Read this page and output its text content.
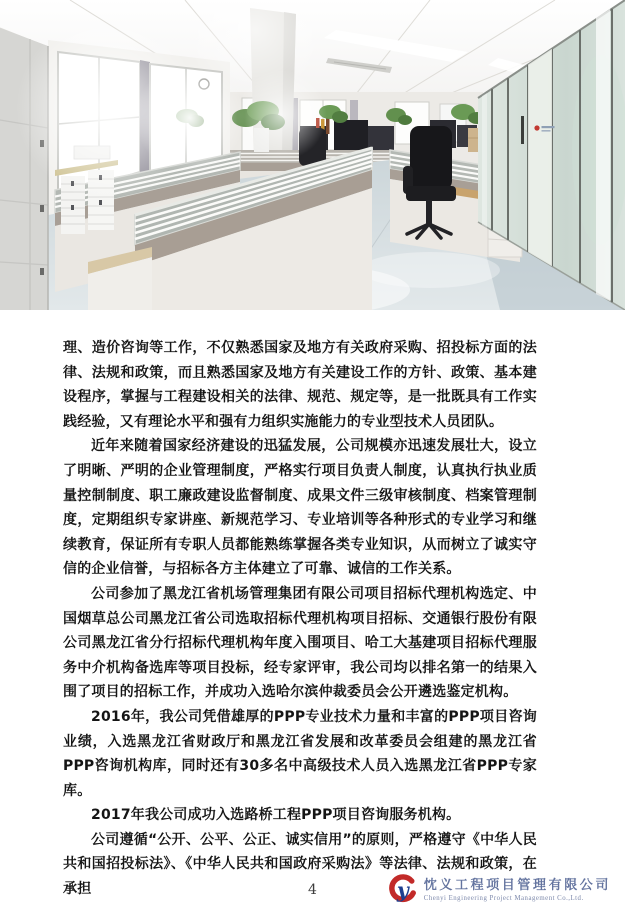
理、造价咨询等工作，不仅熟悉国家及地方有关政府采购、招投标方面的法律、法规和政策，而且熟悉国家及地方有关建设工作的方针、政策、基本建设程序，掌握与工程建设相关的法律、规范、规定等，是一批既具有工作实践经验，又有理论水平和强有力组织实施能力的专业型技术人员团队。

近年来随着国家经济建设的迅猛发展，公司规模亦迅速发展壮大，设立了明晰、严明的企业管理制度，严格实行项目负责人制度，认真执行执业质量控制制度、职工廉政建设监督制度、成果文件三级审核制度、档案管理制度，定期组织专家讲座、新规范学习、专业培训等各种形式的专业学习和继续教育，保证所有专职人员都能熟练掌握各类专业知识，从而树立了诚实守信的企业信誉，与招标各方主体建立了可靠、诚信的工作关系。

公司参加了黑龙江省机场管理集团有限公司项目招标代理机构选定、中国烟草总公司黑龙江省公司选取招标代理机构项目招标、交通银行股份有限公司黑龙江省分行招标代理机构年度入围项目、哈工大基建项目招标代理服务中介机构备选库等项目投标，经专家评审，我公司均以排名第一的结果入围了项目的招标工作，并成功入选哈尔滨仲裁委员会公开遴选鉴定机构。

2016年，我公司凭借雄厚的PPP专业技术力量和丰富的PPP项目咨询业绩，入选黑龙江省财政厅和黑龙江省发展和改革委员会组建的黑龙江省PPP咨询机构库，同时还有30多名中高级技术人员入选黑龙江省PPP专家库。

2017年我公司成功入选路桥工程PPP项目咨询服务机构。

公司遵循“公开、公平、公正、诚实信用”的原则，严格遵守《中华人民共和国招投标法》、《中华人民共和国政府采购法》等法律、法规和政策，在承担	4	y 忱义工程项目管理有限公司
Chenyi Engineering Project Management Co.,Ltd.
